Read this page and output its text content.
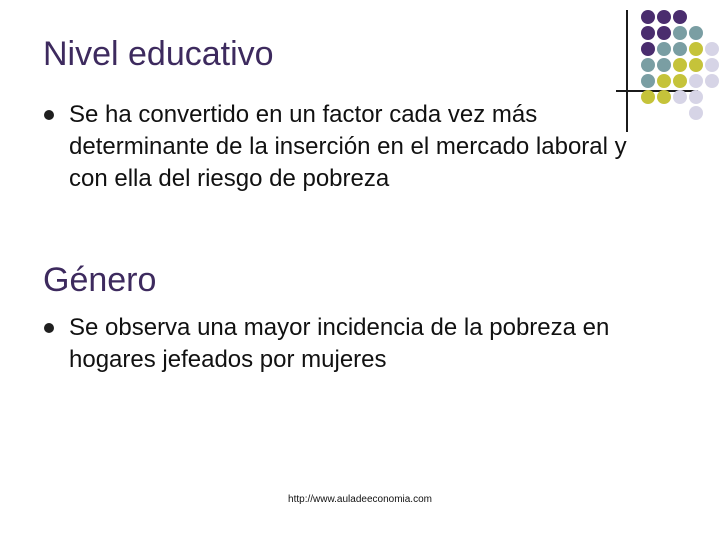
Nivel educativo
Se ha convertido en un factor cada vez más determinante de la inserción en el mercado laboral y con ella del riesgo de pobreza
Género
Se observa una mayor incidencia de la pobreza en hogares jefeados por mujeres
http://www.auladeeconomia.com
